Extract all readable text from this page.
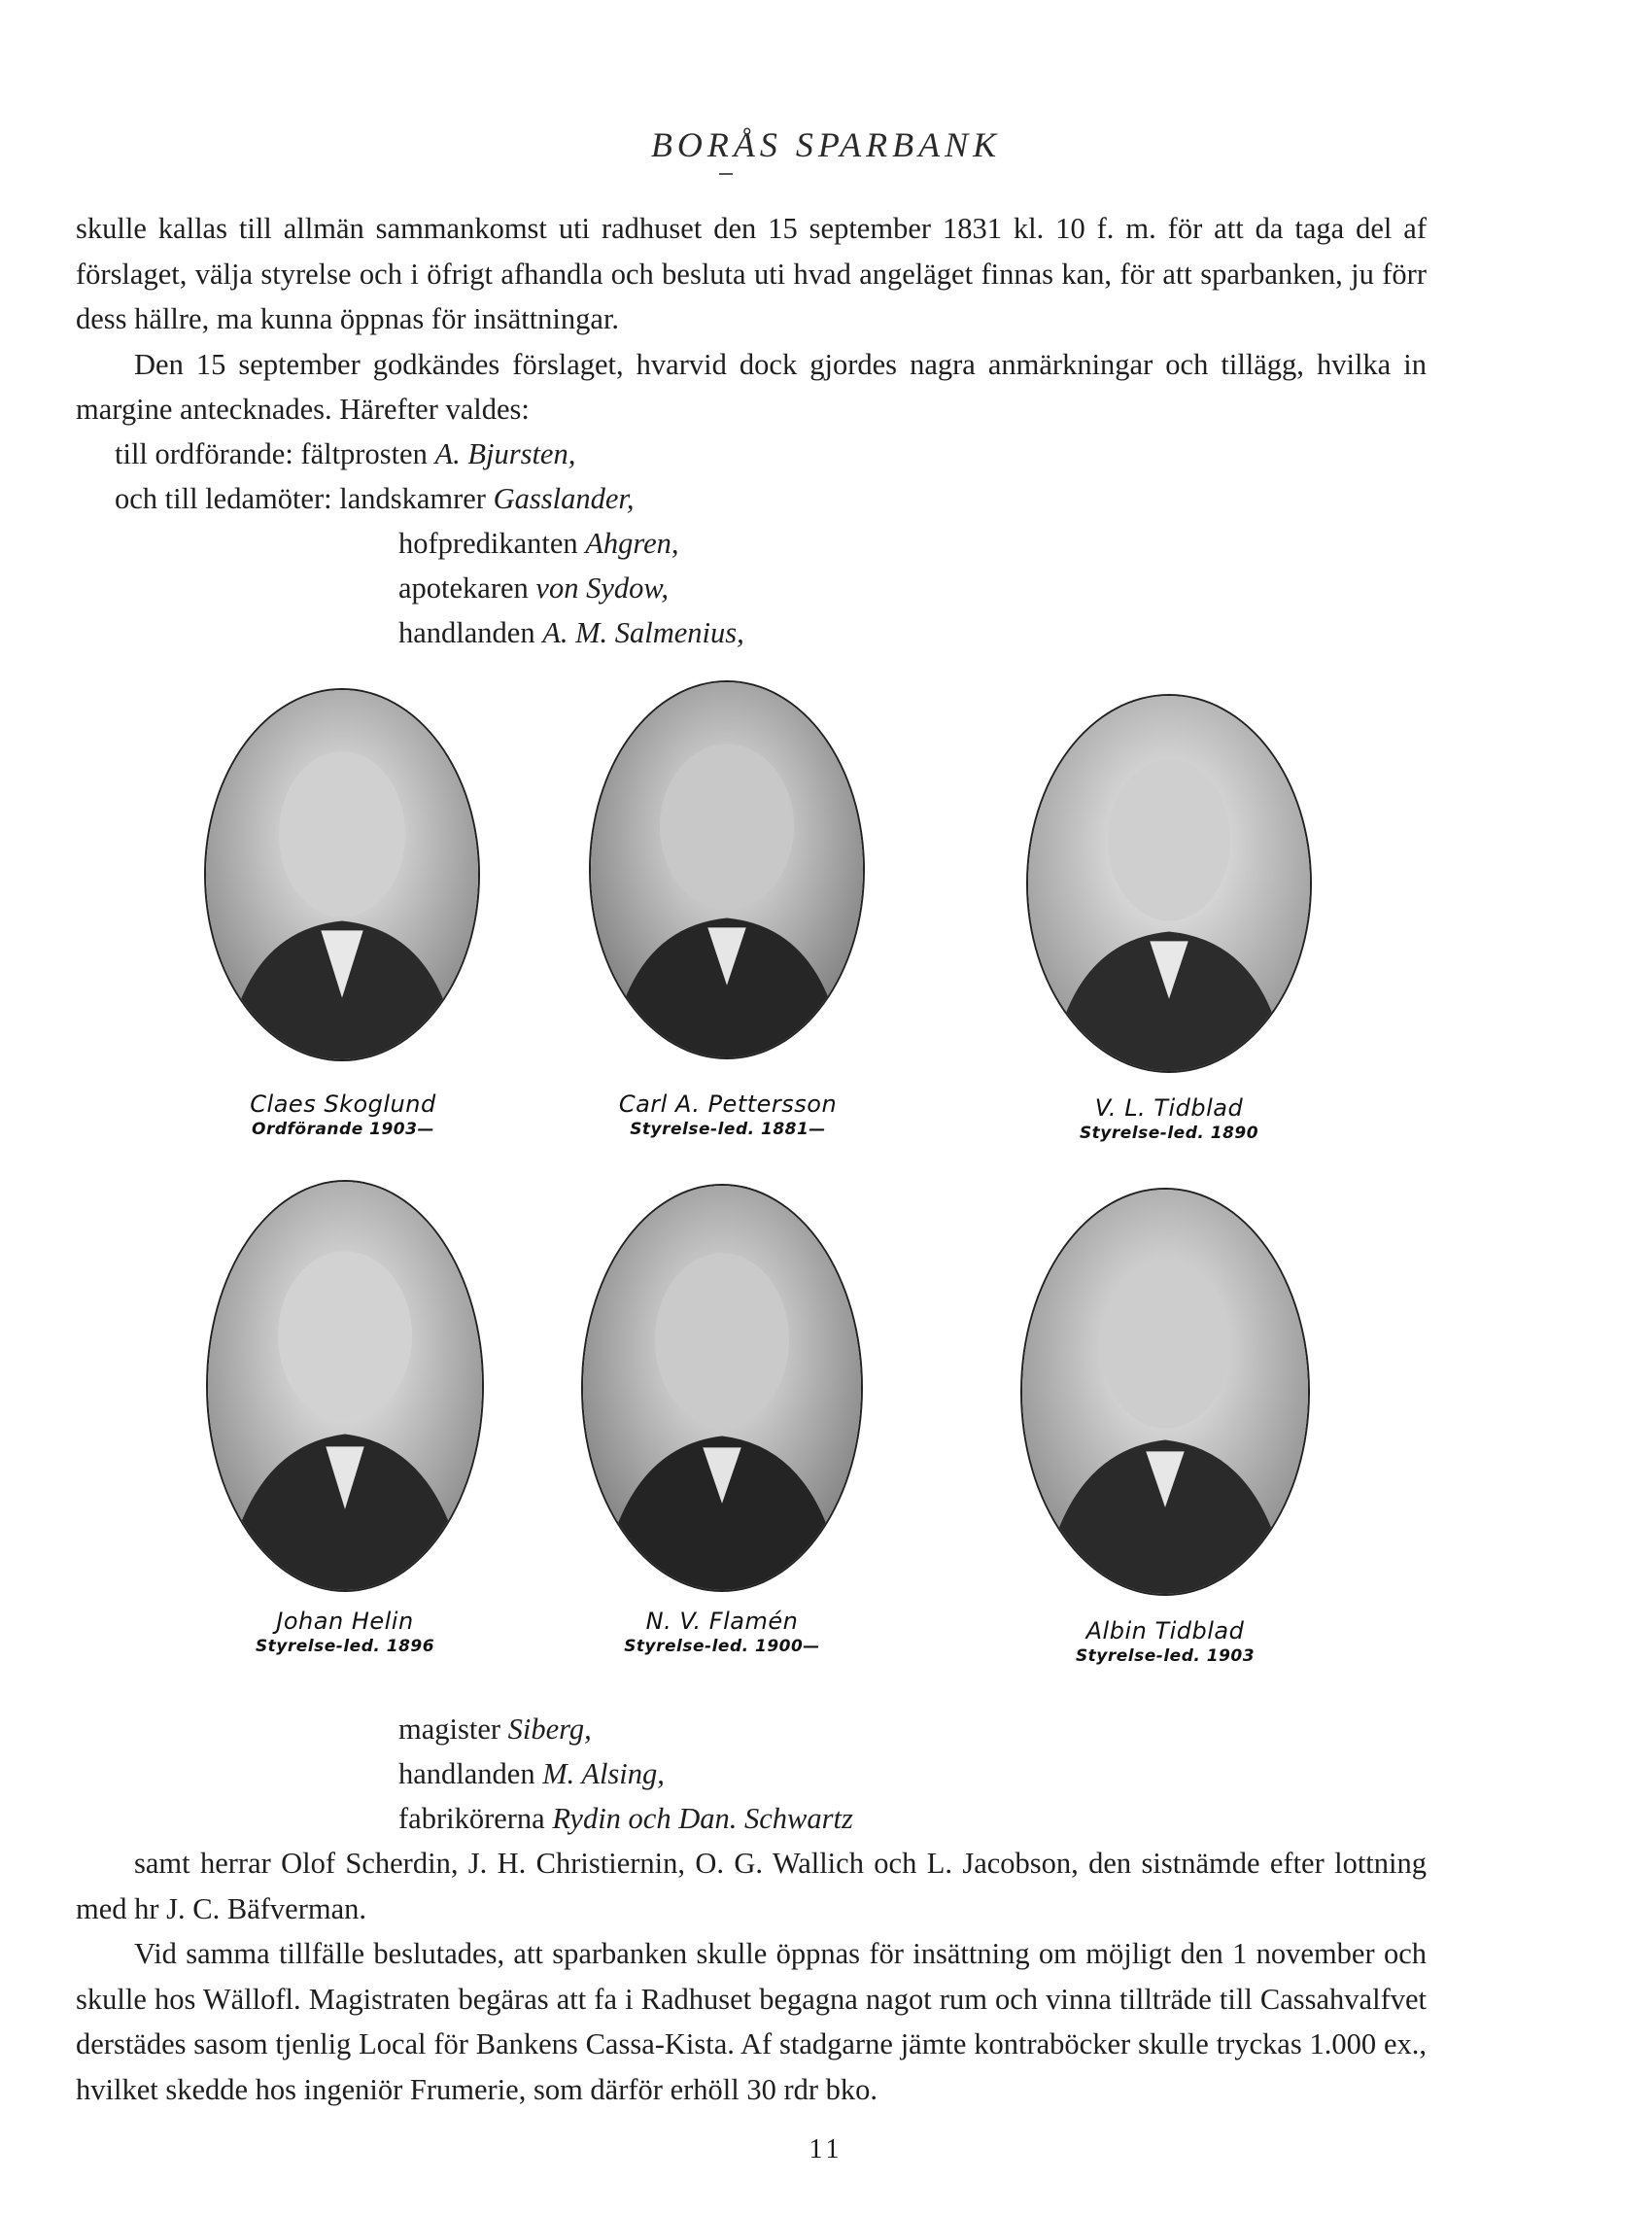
BORÅS SPARBANK

skulle kallas till allmän sammankomst uti radhuset den 15 september 1831 kl. 10 f. m. för att da taga del af förslaget, välja styrelse och i öfrigt afhandla och besluta uti hvad angeläget finnas kan, för att sparbanken, ju förr dess hällre, ma kunna öppnas för insättningar.

Den 15 september godkändes förslaget, hvarvid dock gjordes nagra anmärkningar och tillägg, hvilka in margine antecknades. Härefter valdes:

till ordförande: fältprosten A. Bjursten,
och till ledamöter: landskamrer Gasslander,
hofpredikanten Ahgren,
apotekaren von Sydow,
handlanden A. M. Salmenius,
Claes Skoglund
Ordförande 1903—
Carl A. Pettersson
Styrelse-led. 1881—
V. L. Tidblad
Styrelse-led. 1890
Johan Helin
Styrelse-led. 1896
N. V. Flamén
Styrelse-led. 1900—
Albin Tidblad
Styrelse-led. 1903
magister Siberg,
handlanden M. Alsing,
fabrikörerna Rydin och Dan. Schwartz

samt herrar Olof Scherdin, J. H. Christiernin, O. G. Wallich och L. Jacobson, den sistnämde efter lottning med hr J. C. Bäfverman.

Vid samma tillfälle beslutades, att sparbanken skulle öppnas för insättning om möjligt den 1 november och skulle hos Wällofl. Magistraten begäras att fa i Radhuset begagna nagot rum och vinna tillträde till Cassahvalfvet derstädes sasom tjenlig Local för Bankens Cassa-Kista. Af stadgarne jämte kontraböcker skulle tryckas 1.000 ex., hvilket skedde hos ingeniör Frumerie, som därför erhöll 30 rdr bko.

11
